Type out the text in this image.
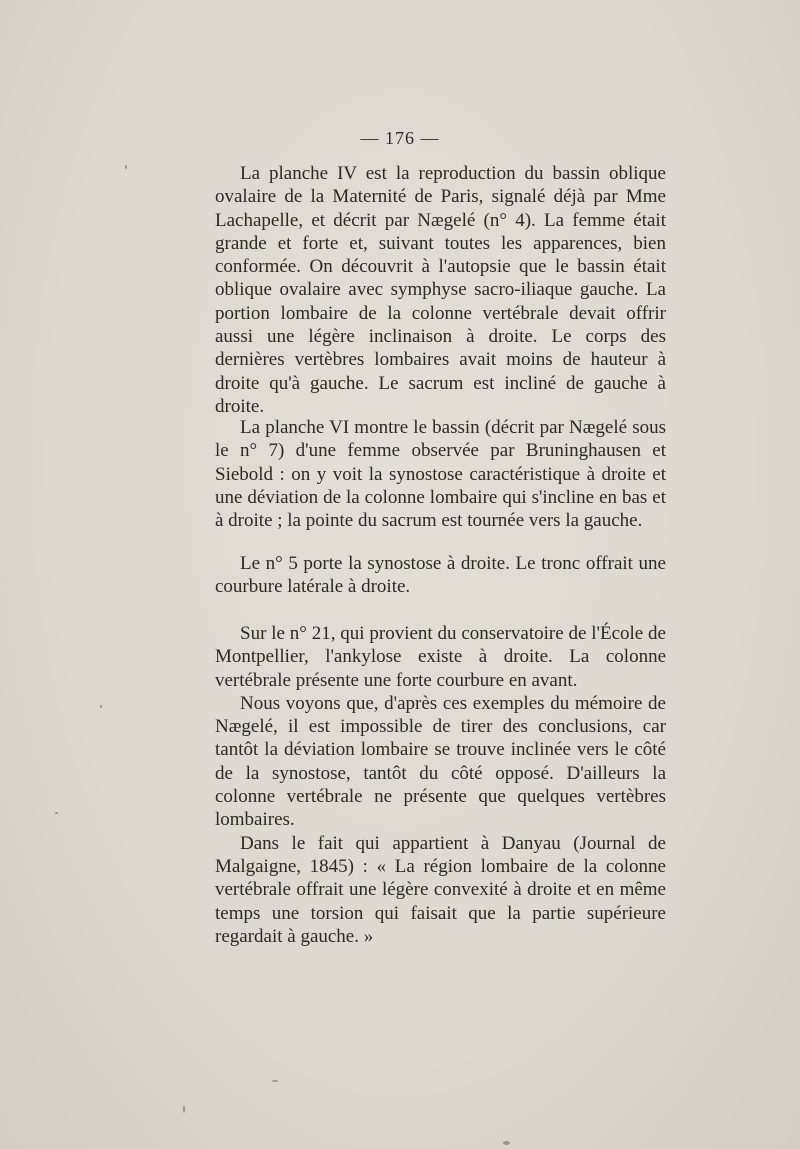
— 176 —

La planche IV est la reproduction du bassin oblique ovalaire de la Maternité de Paris, signalé déjà par Mme Lachapelle, et décrit par Nægelé (n° 4). La femme était grande et forte et, suivant toutes les apparences, bien conformée. On découvrit à l'autopsie que le bassin était oblique ovalaire avec symphyse sacro-iliaque gauche. La portion lombaire de la colonne vertébrale devait offrir aussi une légère inclinaison à droite. Le corps des dernières vertèbres lombaires avait moins de hauteur à droite qu'à gauche. Le sacrum est incliné de gauche à droite.

La planche VI montre le bassin (décrit par Nægelé sous le n° 7) d'une femme observée par Bruninghausen et Siebold : on y voit la synostose caractéristique à droite et une déviation de la colonne lombaire qui s'incline en bas et à droite ; la pointe du sacrum est tournée vers la gauche.

Le n° 5 porte la synostose à droite. Le tronc offrait une courbure latérale à droite.

Sur le n° 21, qui provient du conservatoire de l'École de Montpellier, l'ankylose existe à droite. La colonne vertébrale présente une forte courbure en avant.

Nous voyons que, d'après ces exemples du mémoire de Nægelé, il est impossible de tirer des conclusions, car tantôt la déviation lombaire se trouve inclinée vers le côté de la synostose, tantôt du côté opposé. D'ailleurs la colonne vertébrale ne présente que quelques vertèbres lombaires.

Dans le fait qui appartient à Danyau (Journal de Malgaigne, 1845) : « La région lombaire de la colonne vertébrale offrait une légère convexité à droite et en même temps une torsion qui faisait que la partie supérieure regardait à gauche. »
